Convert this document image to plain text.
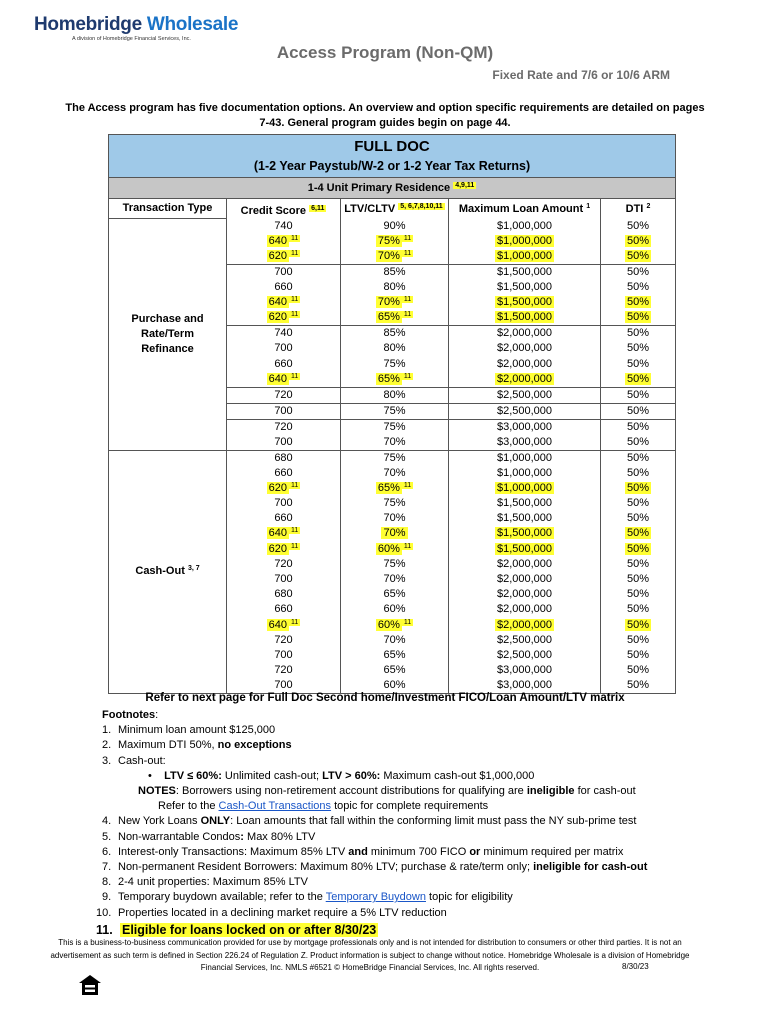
Homebridge Wholesale
A division of Homebridge Financial Services, Inc.
Access Program (Non-QM)
Fixed Rate and 7/6 or 10/6 ARM
The Access program has five documentation options. An overview and option specific requirements are detailed on pages 7-43. General program guides begin on page 44.
FULL DOC
(1-2 Year Paystub/W-2 or 1-2 Year Tax Returns)				

1-4 Unit Primary Residence $^{4,9,11}$
Transaction Type	Credit Score $^{6,11}$	LTV/CLTV $^{5, 6,7,8,10,11}$	Maximum Loan Amount $^1$	DTI $^2$
Purchase and Rate/Term Refinance	740	90%	$1,000,000	50%
	640 $^{11}$	75% $^{11}$	$1,000,000	50%
	620 $^{11}$	70% $^{11}$	$1,000,000	50%
	700	85%	$1,500,000	50%
	660	80%	$1,500,000	50%
	640 $^{11}$	70% $^{11}$	$1,500,000	50%
	620 $^{11}$	65% $^{11}$	$1,500,000	50%
	740	85%	$2,000,000	50%
	700	80%	$2,000,000	50%
	660	75%	$2,000,000	50%
	640 $^{11}$	65% $^{11}$	$2,000,000	50%
	720	80%	$2,500,000	50%
	700	75%	$2,500,000	50%
	720	75%	$3,000,000	50%
	700	70%	$3,000,000	50%
Cash-Out $^{3, 7}$	680	75%	$1,000,000	50%
	660	70%	$1,000,000	50%
	620 $^{11}$	65% $^{11}$	$1,000,000	50%
	700	75%	$1,500,000	50%
	660	70%	$1,500,000	50%
	640 $^{11}$	70%	$1,500,000	50%
	620 $^{11}$	60% $^{11}$	$1,500,000	50%
	720	75%	$2,000,000	50%
	700	70%	$2,000,000	50%
	680	65%	$2,000,000	50%
	660	60%	$2,000,000	50%
	640 $^{11}$	60% $^{11}$	$2,000,000	50%
	720	70%	$2,500,000	50%
	700	65%	$2,500,000	50%
	720	65%	$3,000,000	50%
	700	60%	$3,000,000	50%
Refer to next page for Full Doc Second home/Investment FICO/Loan Amount/LTV matrix
Footnotes:
1. Minimum loan amount $125,000
2. Maximum DTI 50%, no exceptions
3. Cash-out:
•    LTV ≤ 60%: Unlimited cash-out; LTV > 60%: Maximum cash-out $1,000,000
NOTES: Borrowers using non-retirement account distributions for qualifying are ineligible for cash-out
Refer to the Cash-Out Transactions topic for complete requirements
4. New York Loans ONLY: Loan amounts that fall within the conforming limit must pass the NY sub-prime test
5. Non-warrantable Condos: Max 80% LTV
6. Interest-only Transactions: Maximum 85% LTV and minimum 700 FICO or minimum required per matrix
7. Non-permanent Resident Borrowers: Maximum 80% LTV; purchase & rate/term only; ineligible for cash-out
8. 2-4 unit properties: Maximum 85% LTV
9. Temporary buydown available; refer to the Temporary Buydown topic for eligibility
10. Properties located in a declining market require a 5% LTV reduction
11. Eligible for loans locked on or after 8/30/23
This is a business-to-business communication provided for use by mortgage professionals only and is not intended for distribution to consumers or other third parties. It is not an advertisement as such term is defined in Section 226.24 of Regulation Z. Product information is subject to change without notice. Homebridge Wholesale is a division of Homebridge Financial Services, Inc. NMLS #6521 © HomeBridge Financial Services, Inc. All rights reserved.	8/30/23
